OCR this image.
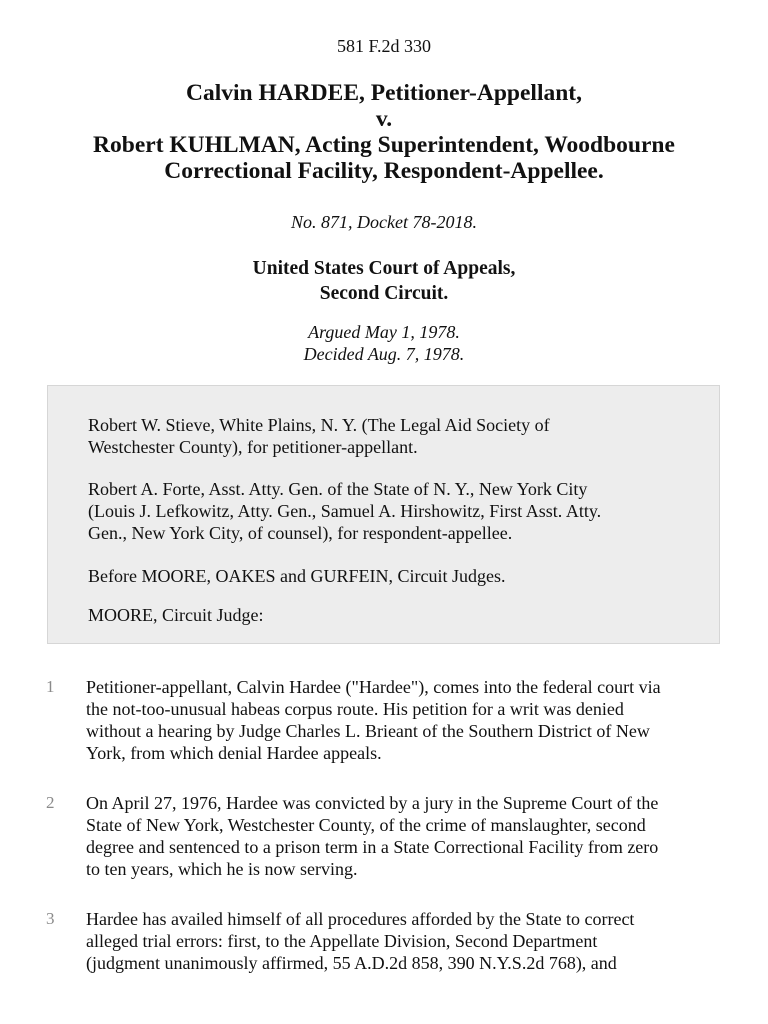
581 F.2d 330
Calvin HARDEE, Petitioner-Appellant,
v.
Robert KUHLMAN, Acting Superintendent, Woodbourne
Correctional Facility, Respondent-Appellee.
No. 871, Docket 78-2018.
United States Court of Appeals,
Second Circuit.
Argued May 1, 1978.
Decided Aug. 7, 1978.

Robert W. Stieve, White Plains, N. Y. (The Legal Aid Society of
Westchester County), for petitioner-appellant.

Robert A. Forte, Asst. Atty. Gen. of the State of N. Y., New York City
(Louis J. Lefkowitz, Atty. Gen., Samuel A. Hirshowitz, First Asst. Atty.
Gen., New York City, of counsel), for respondent-appellee.

Before MOORE, OAKES and GURFEIN, Circuit Judges.

MOORE, Circuit Judge:

1 Petitioner-appellant, Calvin Hardee ("Hardee"), comes into the federal court via
the not-too-unusual habeas corpus route. His petition for a writ was denied
without a hearing by Judge Charles L. Brieant of the Southern District of New
York, from which denial Hardee appeals.
2 On April 27, 1976, Hardee was convicted by a jury in the Supreme Court of the
State of New York, Westchester County, of the crime of manslaughter, second
degree and sentenced to a prison term in a State Correctional Facility from zero
to ten years, which he is now serving.
3 Hardee has availed himself of all procedures afforded by the State to correct
alleged trial errors: first, to the Appellate Division, Second Department
(judgment unanimously affirmed, 55 A.D.2d 858, 390 N.Y.S.2d 768), and
